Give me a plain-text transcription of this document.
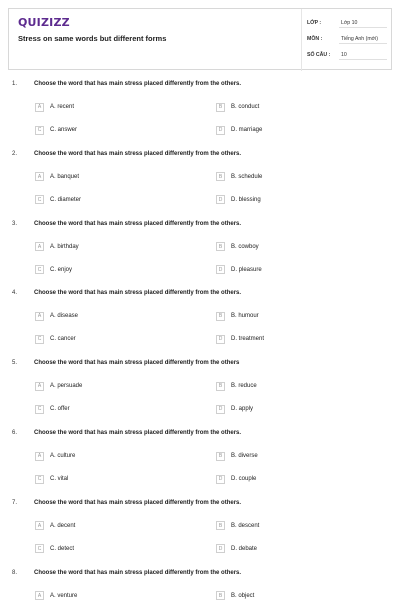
QUIZIZZ
Stress on same words but different forms
LỚP :	Lớp 10
MÔN :	Tiếng Anh (mới)
SỐ CÂU :	10
1.	Choose the word that has main stress placed differently from the others.
A	A. recent	B	B. conduct
C	C. answer	D	D. marriage
2.	Choose the word that has main stress placed differently from the others.
A	A. banquet	B	B. schedule
C	C. diameter	D	D. blessing
3.	Choose the word that has main stress placed differently from the others.
A	A. birthday	B	B. cowboy
C	C. enjoy	D	D. pleasure
4.	Choose the word that has main stress placed differently from the others.
A	A. disease	B	B. humour
C	C. cancer	D	D. treatment
5.	Choose the word that has main stress placed differently from the others
A	A. persuade	B	B. reduce
C	C. offer	D	D. apply
6.	Choose the word that has main stress placed differently from the others.
A	A. culture	B	B. diverse
C	C. vital	D	D. couple
7.	Choose the word that has main stress placed differently from the others.
A	A. decent	B	B. descent
C	C. detect	D	D. debate
8.	Choose the word that has main stress placed differently from the others.
A	A. venture	B	B. object
